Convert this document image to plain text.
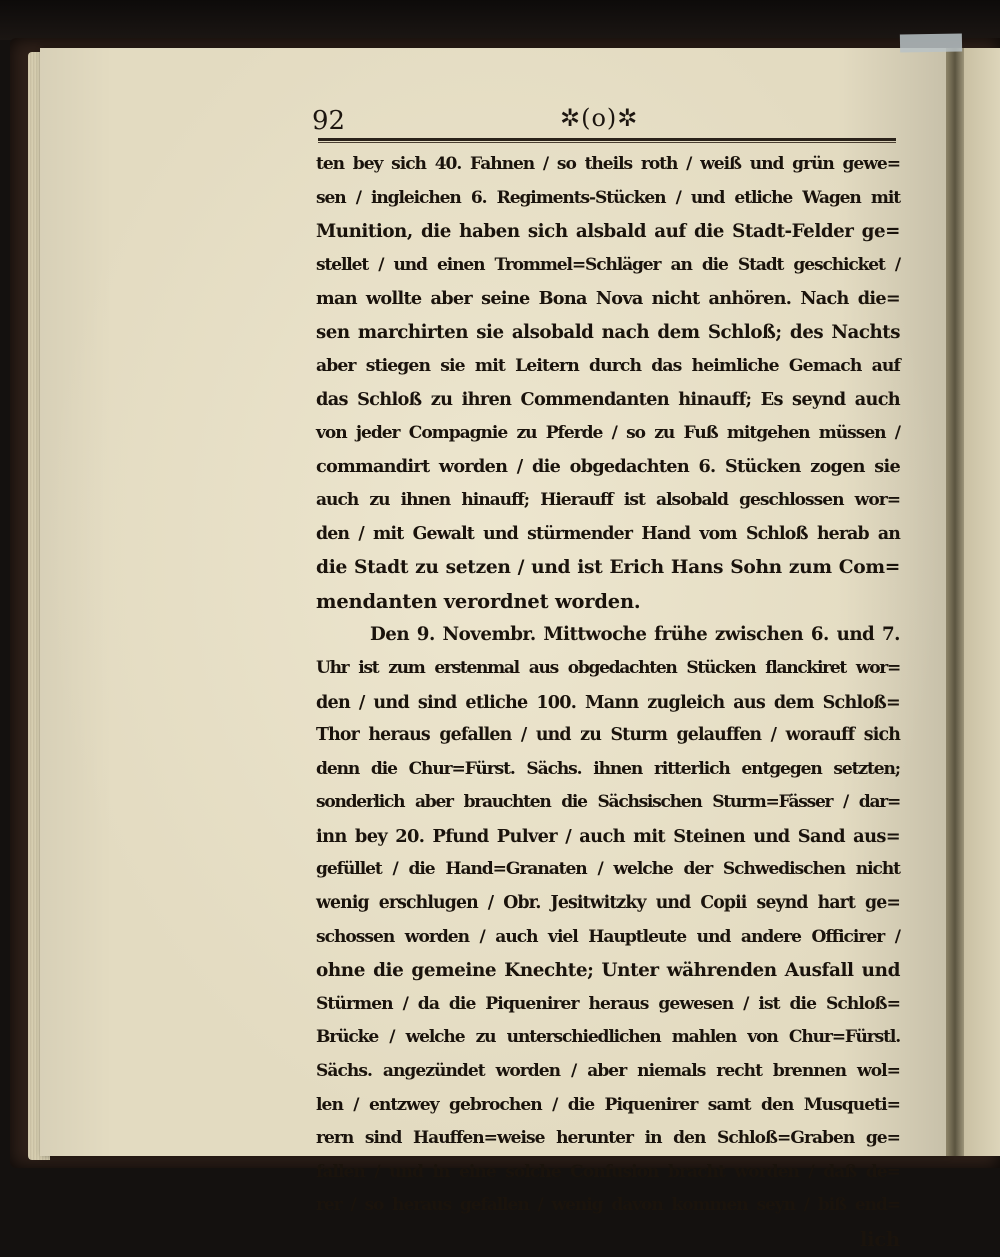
92	✲(o)✲
ten bey sich 40. Fahnen / so theils roth / weiß und grün gewe=
sen / ingleichen 6. Regiments-Stücken / und etliche Wagen mit
Munition, die haben sich alsbald auf die Stadt-Felder ge=
stellet / und einen Trommel=Schläger an die Stadt geschicket /
man wollte aber seine Bona Nova nicht anhören. Nach die=
sen marchirten sie alsobald nach dem Schloß; des Nachts
aber stiegen sie mit Leitern durch das heimliche Gemach auf
das Schloß zu ihren Commendanten hinauff; Es seynd auch
von jeder Compagnie zu Pferde / so zu Fuß mitgehen müssen /
commandirt worden / die obgedachten 6. Stücken zogen sie
auch zu ihnen hinauff; Hierauff ist alsobald geschlossen wor=
den / mit Gewalt und stürmender Hand vom Schloß herab an
die Stadt zu setzen / und ist Erich Hans Sohn zum Com=
mendanten verordnet worden.
Den 9. Novembr. Mittwoche frühe zwischen 6. und 7.
Uhr ist zum erstenmal aus obgedachten Stücken flanckiret wor=
den / und sind etliche 100. Mann zugleich aus dem Schloß=
Thor heraus gefallen / und zu Sturm gelauffen / worauff sich
denn die Chur=Fürst. Sächs. ihnen ritterlich entgegen setzten;
sonderlich aber brauchten die Sächsischen Sturm=Fässer / dar=
inn bey 20. Pfund Pulver / auch mit Steinen und Sand aus=
gefüllet / die Hand=Granaten / welche der Schwedischen nicht
wenig erschlugen / Obr. Jesitwitzky und Copii seynd hart ge=
schossen worden / auch viel Hauptleute und andere Officirer /
ohne die gemeine Knechte; Unter währenden Ausfall und
Stürmen / da die Piquenirer heraus gewesen / ist die Schloß=
Brücke / welche zu unterschiedlichen mahlen von Chur=Fürstl.
Sächs. angezündet worden / aber niemals recht brennen wol=
len / entzwey gebrochen / die Piquenirer samt den Musqueti=
rern sind Hauffen=weise herunter in den Schloß=Graben ge=
fallen / und in eine solche Confusion bracht worden / daß de=
rer / so heraus gefallen / wenig davon kommen seyn / biß end=
lich
